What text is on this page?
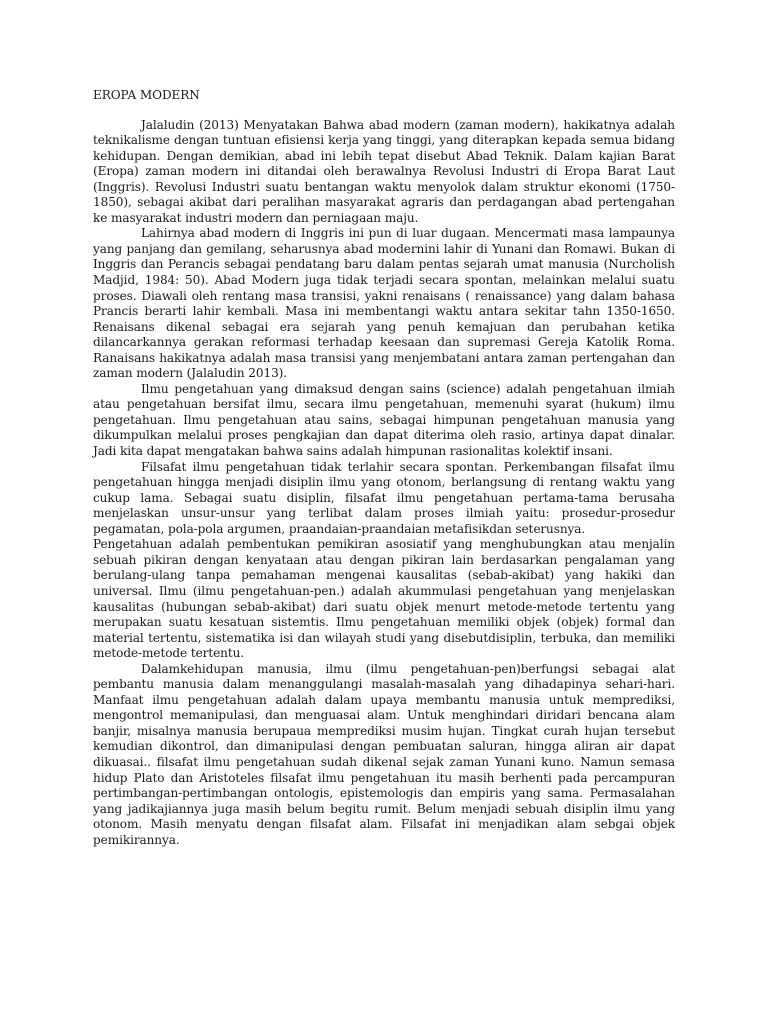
EROPA MODERN

Jalaludin (2013) Menyatakan Bahwa abad modern (zaman modern), hakikatnya adalah teknikalisme dengan tuntuan efisiensi kerja yang tinggi, yang diterapkan kepada semua bidang kehidupan. Dengan demikian, abad ini lebih tepat disebut Abad Teknik. Dalam kajian Barat (Eropa) zaman modern ini ditandai oleh berawalnya Revolusi Industri di Eropa Barat Laut (Inggris). Revolusi Industri suatu bentangan waktu menyolok dalam struktur ekonomi (1750-1850), sebagai akibat dari peralihan masyarakat agraris dan perdagangan abad pertengahan ke masyarakat industri modern dan perniagaan maju.

Lahirnya abad modern di Inggris ini pun di luar dugaan. Mencermati masa lampaunya yang panjang dan gemilang, seharusnya abad modernini lahir di Yunani dan Romawi. Bukan di Inggris dan Perancis sebagai pendatang baru dalam pentas sejarah umat manusia (Nurcholish Madjid, 1984: 50). Abad Modern juga tidak terjadi secara spontan, melainkan melalui suatu proses. Diawali oleh rentang masa transisi, yakni renaisans ( renaissance) yang dalam bahasa Prancis berarti lahir kembali. Masa ini membentangi waktu antara sekitar tahn 1350-1650. Renaisans dikenal sebagai era sejarah yang penuh kemajuan dan perubahan ketika dilancarkannya gerakan reformasi terhadap keesaan dan supremasi Gereja Katolik Roma. Ranaisans hakikatnya adalah masa transisi yang menjembatani antara zaman pertengahan dan zaman modern (Jalaludin 2013).

Ilmu pengetahuan yang dimaksud dengan sains (science) adalah pengetahuan ilmiah atau pengetahuan bersifat ilmu, secara ilmu pengetahuan, memenuhi syarat (hukum) ilmu pengetahuan. Ilmu pengetahuan atau sains, sebagai himpunan pengetahuan manusia yang dikumpulkan melalui proses pengkajian dan dapat diterima oleh rasio, artinya dapat dinalar. Jadi kita dapat mengatakan bahwa sains adalah himpunan rasionalitas kolektif insani.

Filsafat ilmu pengetahuan tidak terlahir secara spontan. Perkembangan filsafat ilmu pengetahuan hingga menjadi disiplin ilmu yang otonom, berlangsung di rentang waktu yang cukup lama. Sebagai suatu disiplin, filsafat ilmu pengetahuan pertama-tama berusaha menjelaskan unsur-unsur yang terlibat dalam proses ilmiah yaitu: prosedur-prosedur pegamatan, pola-pola argumen, praandaian-praandaian metafisikdan seterusnya.

Pengetahuan adalah pembentukan pemikiran asosiatif yang menghubungkan atau menjalin sebuah pikiran dengan kenyataan atau dengan pikiran lain berdasarkan pengalaman yang berulang-ulang tanpa pemahaman mengenai kausalitas (sebab-akibat) yang hakiki dan universal. Ilmu (ilmu pengetahuan-pen.) adalah akummulasi pengetahuan yang menjelaskan kausalitas (hubungan sebab-akibat) dari suatu objek menurt metode-metode tertentu yang merupakan suatu kesatuan sistemtis. Ilmu pengetahuan memiliki objek (objek) formal dan material tertentu, sistematika isi dan wilayah studi yang disebutdisiplin, terbuka, dan memiliki metode-metode tertentu.

Dalamkehidupan manusia, ilmu (ilmu pengetahuan-pen)berfungsi sebagai alat pembantu manusia dalam menanggulangi masalah-masalah yang dihadapinya sehari-hari. Manfaat ilmu pengetahuan adalah dalam upaya membantu manusia untuk memprediksi, mengontrol memanipulasi, dan menguasai alam. Untuk menghindari diridari bencana alam banjir, misalnya manusia berupaua memprediksi musim hujan. Tingkat curah hujan tersebut kemudian dikontrol, dan dimanipulasi dengan pembuatan saluran, hingga aliran air dapat dikuasai.. filsafat ilmu pengetahuan sudah dikenal sejak zaman Yunani kuno. Namun semasa hidup Plato dan Aristoteles filsafat ilmu pengetahuan itu masih berhenti pada percampuran pertimbangan-pertimbangan ontologis, epistemologis dan empiris yang sama. Permasalahan yang jadikajiannya juga masih belum begitu rumit. Belum menjadi sebuah disiplin ilmu yang otonom. Masih menyatu dengan filsafat alam. Filsafat ini menjadikan alam sebgai objek pemikirannya.
